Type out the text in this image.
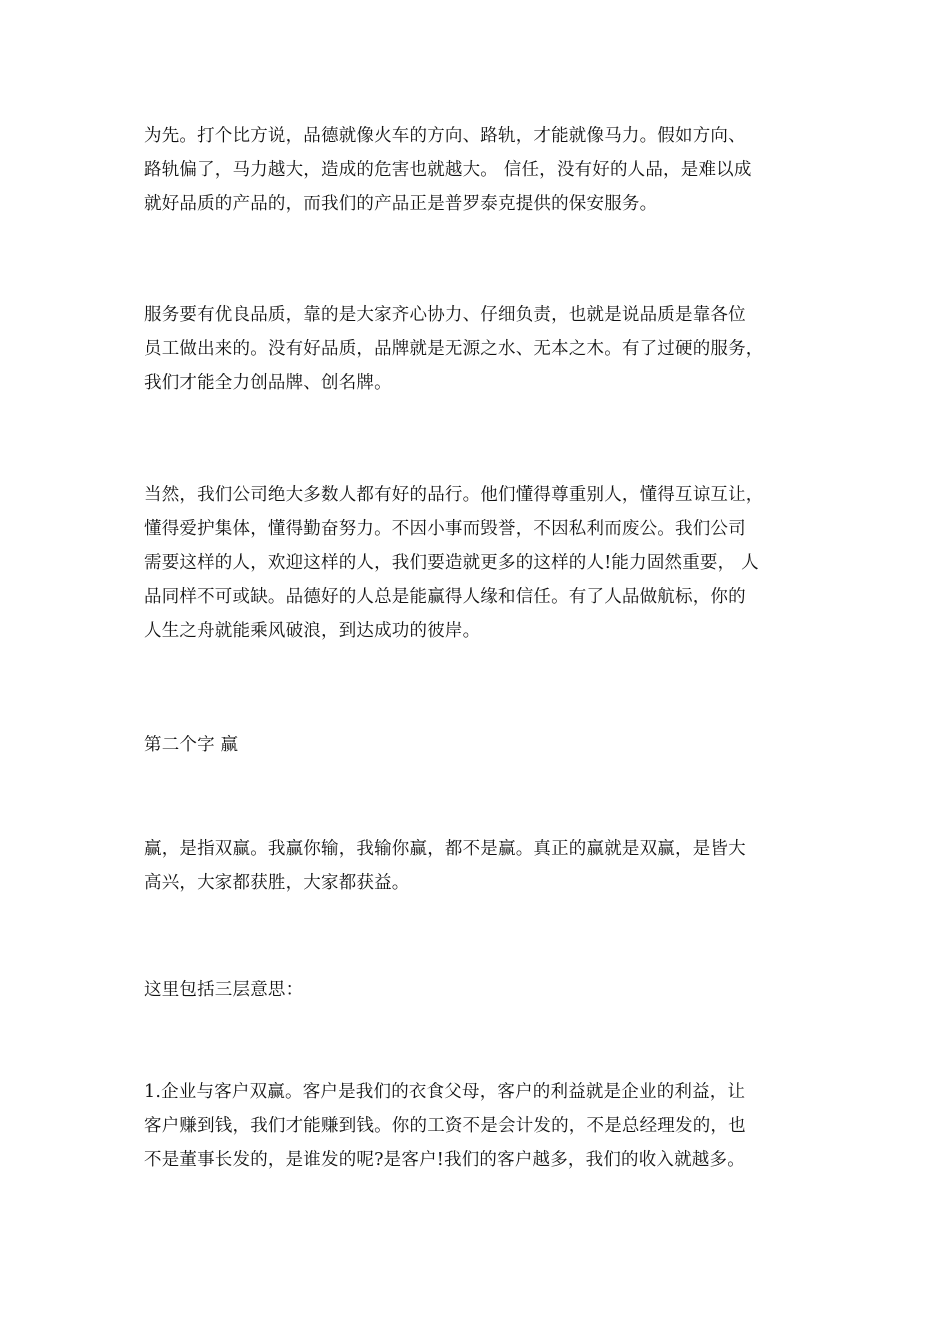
为先。打个比方说，品德就像火车的方向、路轨，才能就像马力。假如方向、
路轨偏了，马力越大，造成的危害也就越大。 信任，没有好的人品，是难以成
就好品质的产品的，而我们的产品正是普罗泰克提供的保安服务。
服务要有优良品质，靠的是大家齐心协力、仔细负责，也就是说品质是靠各位
员工做出来的。没有好品质，品牌就是无源之水、无本之木。有了过硬的服务，
我们才能全力创品牌、创名牌。
当然，我们公司绝大多数人都有好的品行。他们懂得尊重别人，懂得互谅互让，
懂得爱护集体，懂得勤奋努力。不因小事而毁誉，不因私利而废公。我们公司
需要这样的人，欢迎这样的人，我们要造就更多的这样的人!能力固然重要， 人
品同样不可或缺。品德好的人总是能赢得人缘和信任。有了人品做航标，你的
人生之舟就能乘风破浪，到达成功的彼岸。
第二个字 赢
赢，是指双赢。我赢你输，我输你赢，都不是赢。真正的赢就是双赢，是皆大
高兴，大家都获胜，大家都获益。
这里包括三层意思：
1.企业与客户双赢。客户是我们的衣食父母，客户的利益就是企业的利益，让
客户赚到钱，我们才能赚到钱。你的工资不是会计发的，不是总经理发的，也
不是董事长发的，是谁发的呢?是客户!我们的客户越多，我们的收入就越多。
